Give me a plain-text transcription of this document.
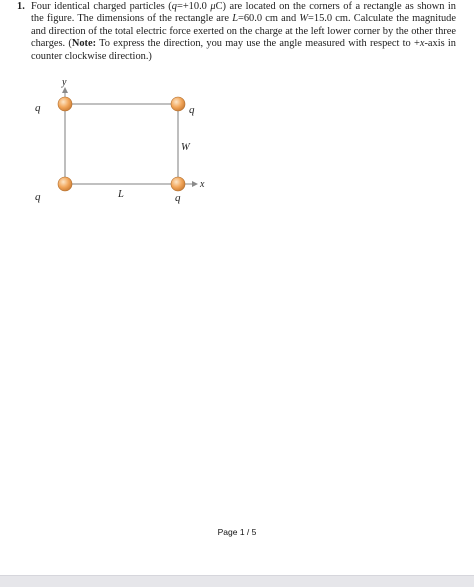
1. Four identical charged particles (q=+10.0 μC) are located on the corners of a rectangle as shown in the figure. The dimensions of the rectangle are L=60.0 cm and W=15.0 cm. Calculate the magnitude and direction of the total electric force exerted on the charge at the left lower corner by the other three charges. (Note: To express the direction, you may use the angle measured with respect to +x-axis in counter clockwise direction.)
y
x
q	q
q	q
W
L
Page 1 / 5
